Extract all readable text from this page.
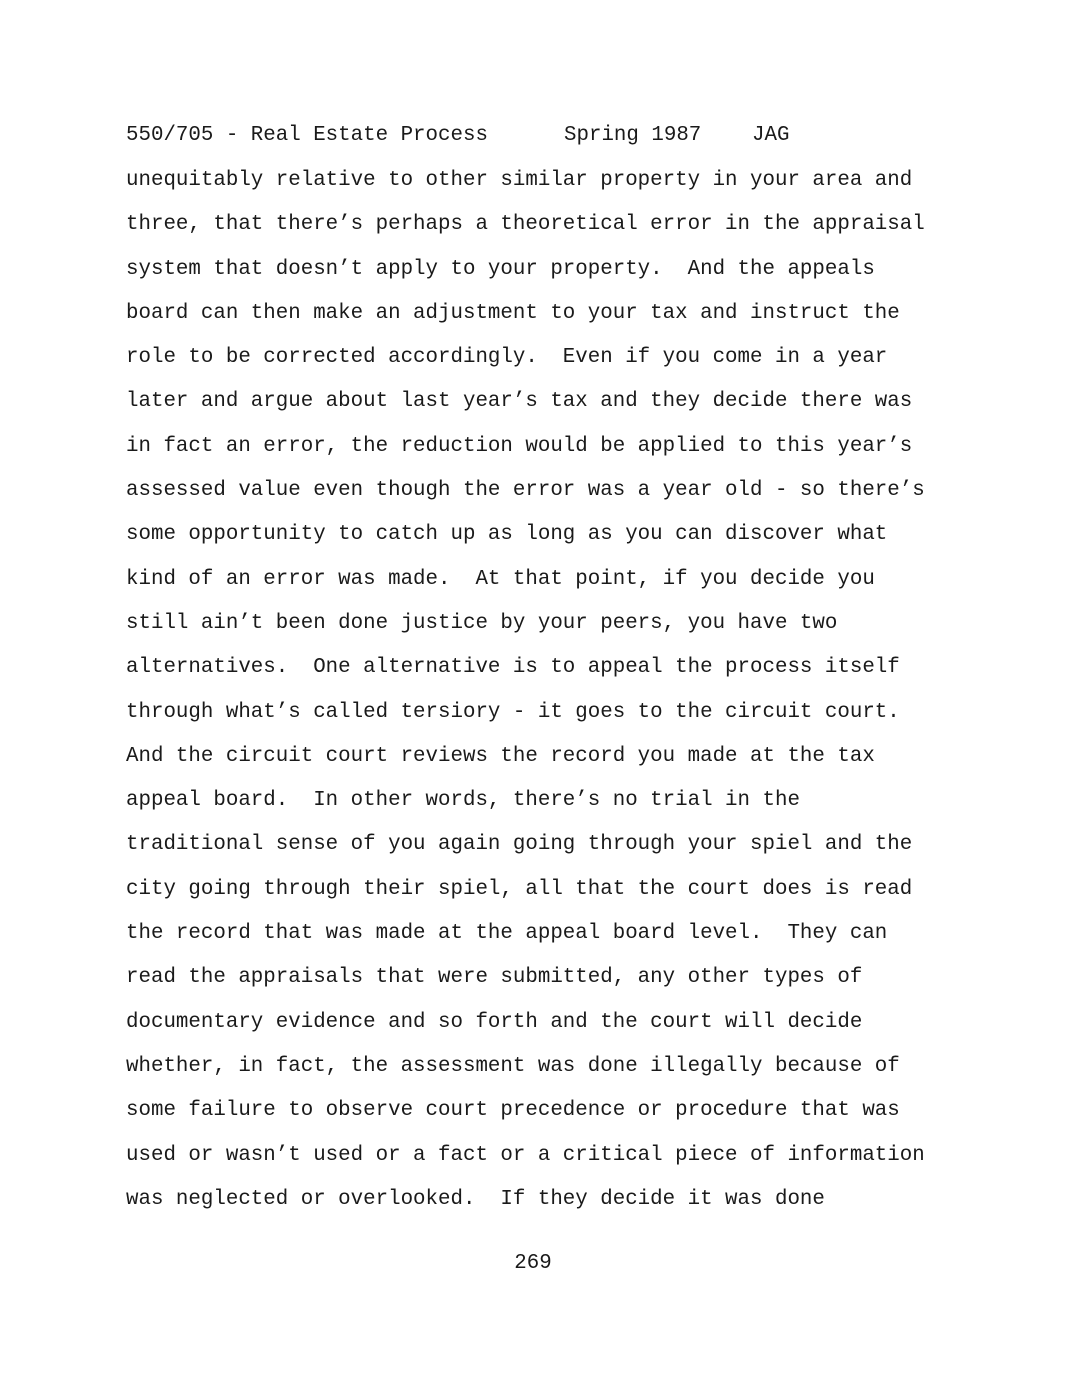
550/705 - Real Estate Process

	Spring 1987

JAG

unequitably relative to other similar property in your area and
three, that there’s perhaps a theoretical error in the appraisal
system that doesn’t apply to your property.  And the appeals
board can then make an adjustment to your tax and instruct the
role to be corrected accordingly.  Even if you come in a year
later and argue about last year’s tax and they decide there was
in fact an error, the reduction would be applied to this year’s
assessed value even though the error was a year old - so there’s
some opportunity to catch up as long as you can discover what
kind of an error was made.  At that point, if you decide you
still ain’t been done justice by your peers, you have two
alternatives.  One alternative is to appeal the process itself
through what’s called tersiory - it goes to the circuit court.
And the circuit court reviews the record you made at the tax
appeal board.  In other words, there’s no trial in the
traditional sense of you again going through your spiel and the
city going through their spiel, all that the court does is read
the record that was made at the appeal board level.  They can
read the appraisals that were submitted, any other types of
documentary evidence and so forth and the court will decide
whether, in fact, the assessment was done illegally because of
some failure to observe court precedence or procedure that was
used or wasn’t used or a fact or a critical piece of information
was neglected or overlooked.  If they decide it was done
269
